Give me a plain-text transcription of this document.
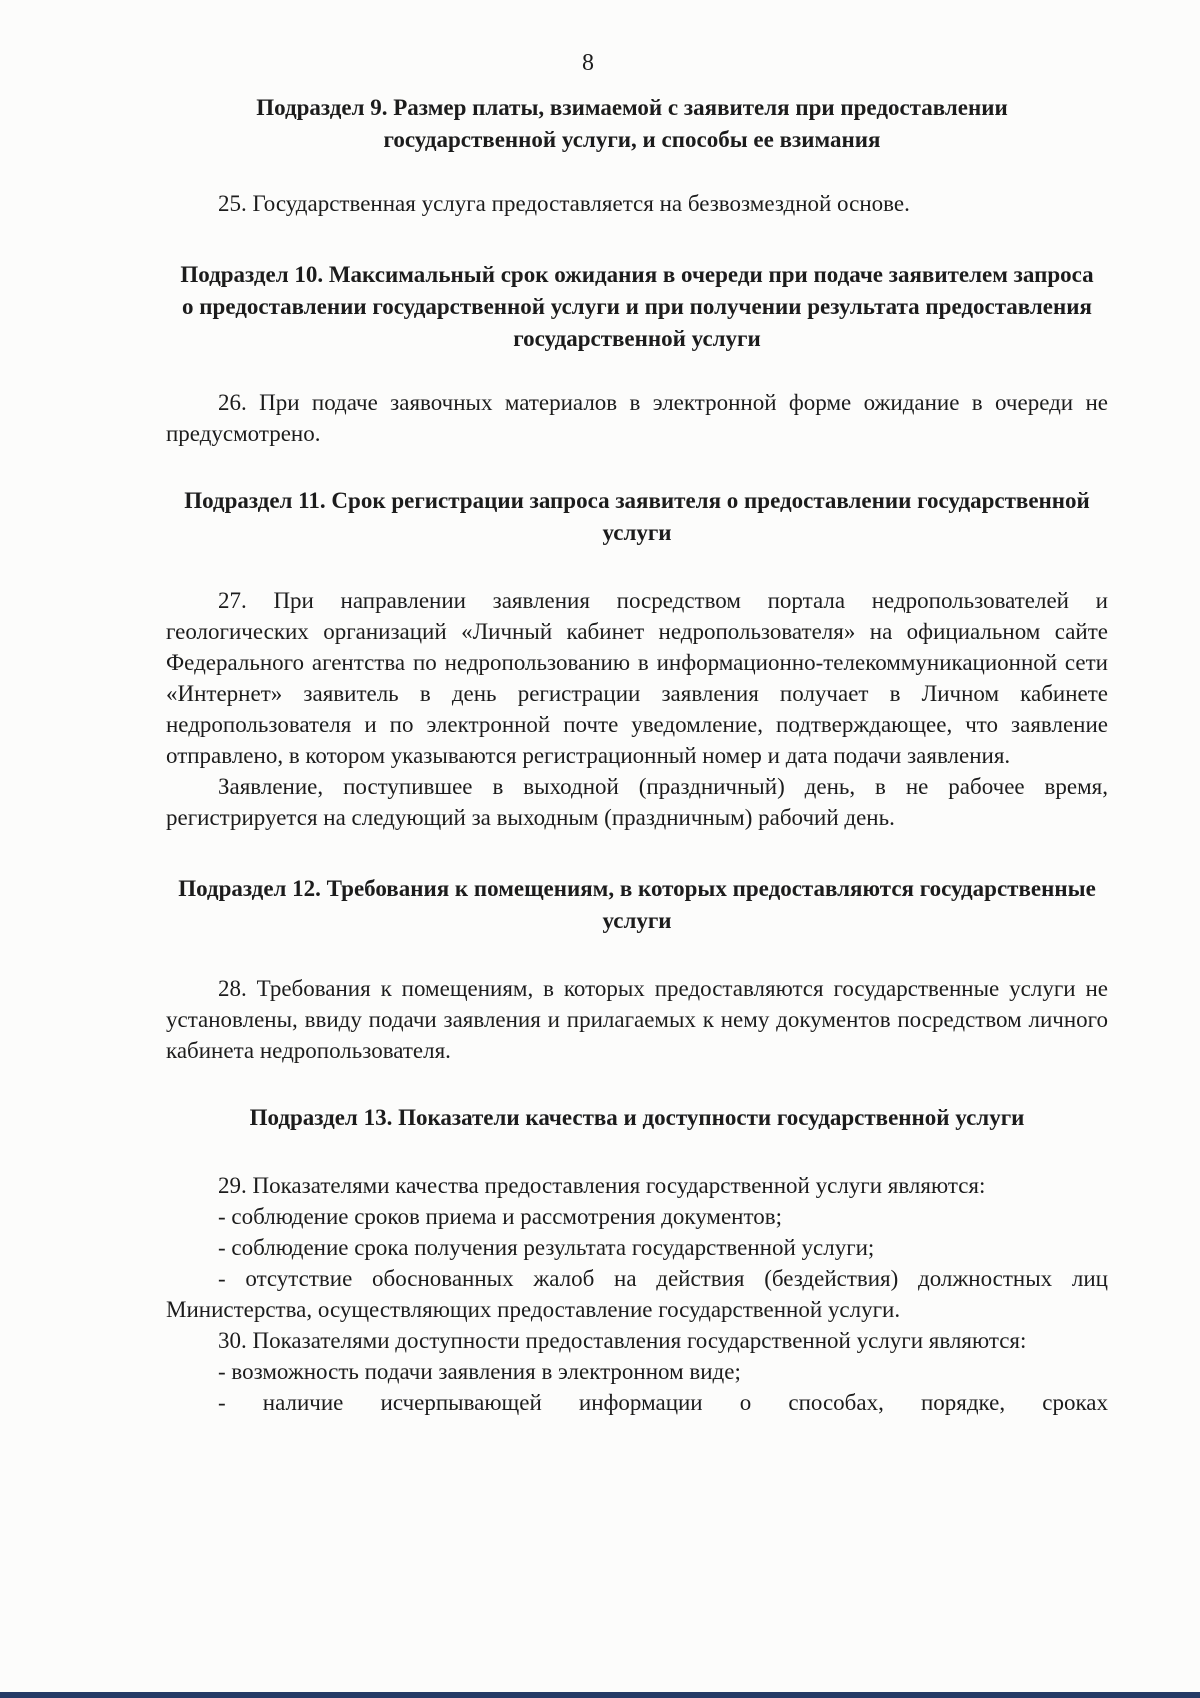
8
Подраздел 9. Размер платы, взимаемой с заявителя при предоставлении государственной услуги, и способы ее взимания

25. Государственная услуга предоставляется на безвозмездной основе.

Подраздел 10. Максимальный срок ожидания в очереди при подаче заявителем запроса о предоставлении государственной услуги и при получении результата предоставления государственной услуги

26. При подаче заявочных материалов в электронной форме ожидание в очереди не предусмотрено.

Подраздел 11. Срок регистрации запроса заявителя о предоставлении государственной услуги

27. При направлении заявления посредством портала недропользователей и геологических организаций «Личный кабинет недропользователя» на официальном сайте Федерального агентства по недропользованию в информационно-телекоммуникационной сети «Интернет» заявитель в день регистрации заявления получает в Личном кабинете недропользователя и по электронной почте уведомление, подтверждающее, что заявление отправлено, в котором указываются регистрационный номер и дата подачи заявления.

Заявление, поступившее в выходной (праздничный) день, в не рабочее время, регистрируется на следующий за выходным (праздничным) рабочий день.

Подраздел 12. Требования к помещениям, в которых предоставляются государственные услуги

28. Требования к помещениям, в которых предоставляются государственные услуги не установлены, ввиду подачи заявления и прилагаемых к нему документов посредством личного кабинета недропользователя.

Подраздел 13. Показатели качества и доступности государственной услуги

29. Показателями качества предоставления государственной услуги являются:

- соблюдение сроков приема и рассмотрения документов;

- соблюдение срока получения результата государственной услуги;

- отсутствие обоснованных жалоб на действия (бездействия) должностных лиц Министерства, осуществляющих предоставление государственной услуги.

30. Показателями доступности предоставления государственной услуги являются:

- возможность подачи заявления в электронном виде;

- наличие исчерпывающей информации о способах, порядке, сроках
